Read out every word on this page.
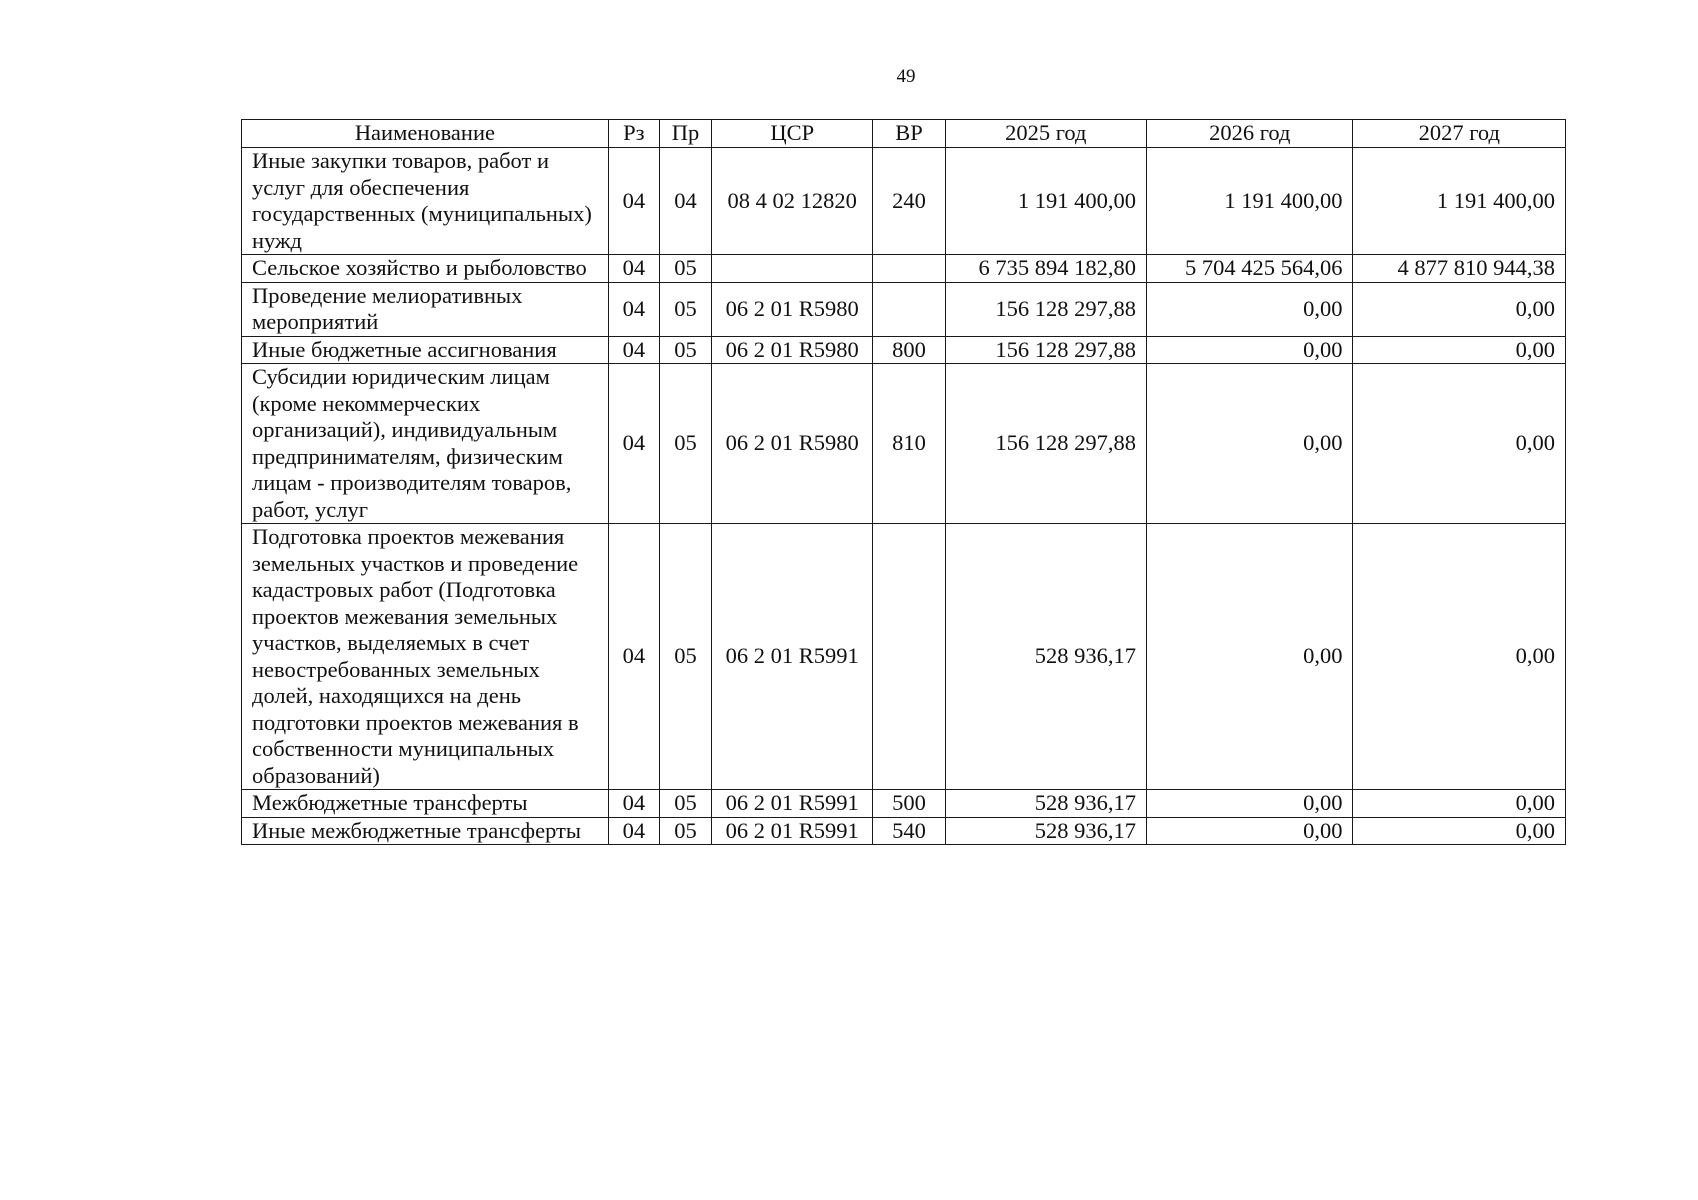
49
Наименование	Рз	Пр	ЦСР	ВР	2025 год	2026 год	2027 год
Иные закупки товаров, работ и услуг для обеспечения государственных (муниципальных) нужд	04	04	08 4 02 12820	240	1 191 400,00	1 191 400,00	1 191 400,00
Сельское хозяйство и рыболовство	04	05			6 735 894 182,80	5 704 425 564,06	4 877 810 944,38
Проведение мелиоративных мероприятий	04	05	06 2 01 R5980		156 128 297,88	0,00	0,00
Иные бюджетные ассигнования	04	05	06 2 01 R5980	800	156 128 297,88	0,00	0,00
Субсидии юридическим лицам (кроме некоммерческих организаций), индивидуальным предпринимателям, физическим лицам - производителям товаров, работ, услуг	04	05	06 2 01 R5980	810	156 128 297,88	0,00	0,00
Подготовка проектов межевания земельных участков и проведение кадастровых работ (Подготовка проектов межевания земельных участков, выделяемых в счет невостребованных земельных долей, находящихся на день подготовки проектов межевания в собственности муниципальных образований)	04	05	06 2 01 R5991		528 936,17	0,00	0,00
Межбюджетные трансферты	04	05	06 2 01 R5991	500	528 936,17	0,00	0,00
Иные межбюджетные трансферты	04	05	06 2 01 R5991	540	528 936,17	0,00	0,00
